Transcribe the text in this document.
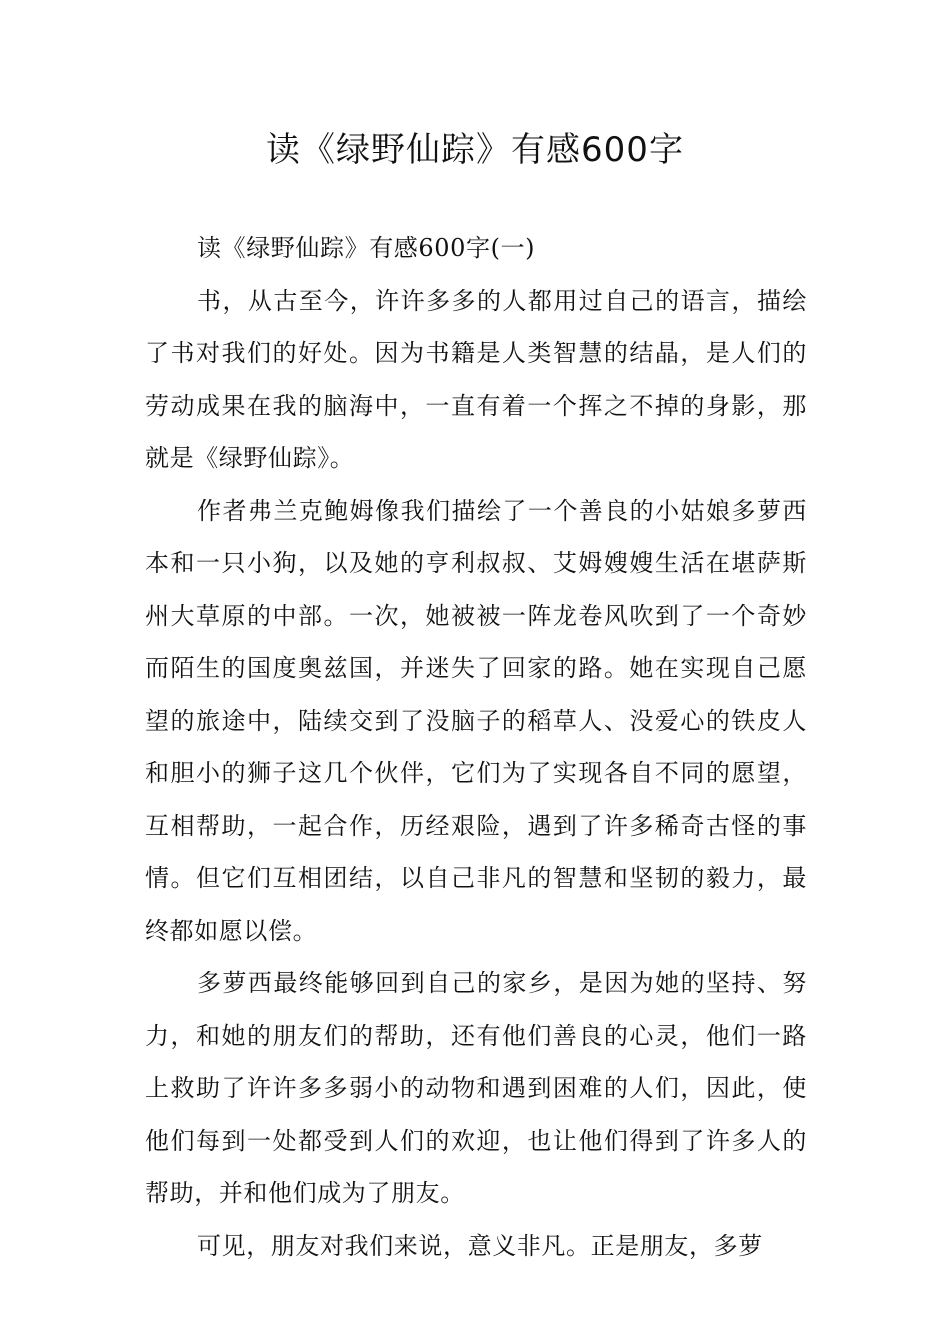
读《绿野仙踪》有感600字

读《绿野仙踪》有感600字(一)

书，从古至今，许许多多的人都用过自己的语言，描绘了书对我们的好处。因为书籍是人类智慧的结晶，是人们的劳动成果在我的脑海中，一直有着一个挥之不掉的身影，那就是《绿野仙踪》。

作者弗兰克鲍姆像我们描绘了一个善良的小姑娘多萝西本和一只小狗，以及她的亨利叔叔、艾姆嫂嫂生活在堪萨斯州大草原的中部。一次，她被被一阵龙卷风吹到了一个奇妙而陌生的国度奥兹国，并迷失了回家的路。她在实现自己愿望的旅途中，陆续交到了没脑子的稻草人、没爱心的铁皮人和胆小的狮子这几个伙伴，它们为了实现各自不同的愿望，互相帮助，一起合作，历经艰险，遇到了许多稀奇古怪的事情。但它们互相团结，以自己非凡的智慧和坚韧的毅力，最终都如愿以偿。

多萝西最终能够回到自己的家乡，是因为她的坚持、努力，和她的朋友们的帮助，还有他们善良的心灵，他们一路上救助了许许多多弱小的动物和遇到困难的人们，因此，使他们每到一处都受到人们的欢迎，也让他们得到了许多人的帮助，并和他们成为了朋友。

可见，朋友对我们来说，意义非凡。正是朋友，多萝
